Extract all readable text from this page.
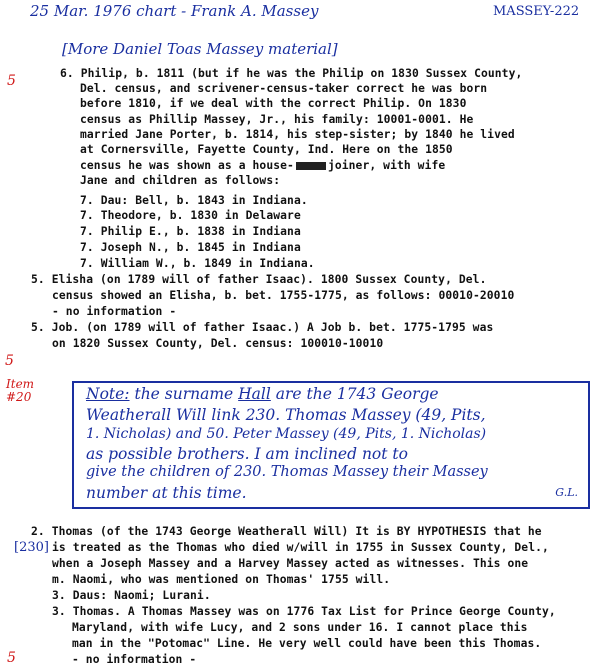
25 Mar. 1976 chart - Frank A. Massey	MASSEY-222
[More Daniel Toas Massey material]
5
5
5
6. Philip, b. 1811 (but if he was the Philip on 1830 Sussex County,
Del. census, and scrivener-census-taker correct he was born
before 1810, if we deal with the correct Philip. On 1830
census as Phillip Massey, Jr., his family: 10001-0001. He
married Jane Porter, b. 1814, his step-sister; by 1840 he lived
at Cornersville, Fayette County, Ind. Here on the 1850
census he was shown as a house-	joiner, with wife
Jane and children as follows:
7. Dau: Bell, b. 1843 in Indiana.
7. Theodore, b. 1830 in Delaware
7. Philip E., b. 1838 in Indiana
7. Joseph N., b. 1845 in Indiana
7. William W., b. 1849 in Indiana.
5. Elisha (on 1789 will of father Isaac). 1800 Sussex County, Del.
census showed an Elisha, b. bet. 1755-1775, as follows: 00010-20010
- no information -
5. Job. (on 1789 will of father Isaac.) A Job b. bet. 1775-1795 was
on 1820 Sussex County, Del. census: 100010-10010
Item #20	Note: the surname Hall are the 1743 George
Weatherall Will link 230. Thomas Massey (49, Pits,
1. Nicholas) and 50. Peter Massey (49, Pits, 1. Nicholas)
as possible brothers. I am inclined not to
give the children of 230. Thomas Massey their Massey
number at this time.	G.L.
[230]
2. Thomas (of the 1743 George Weatherall Will) It is BY HYPOTHESIS that he
is treated as the Thomas who died w/will in 1755 in Sussex County, Del.,
when a Joseph Massey and a Harvey Massey acted as witnesses. This one
m. Naomi, who was mentioned on Thomas' 1755 will.
3. Daus: Naomi; Lurani.
3. Thomas. A Thomas Massey was on 1776 Tax List for Prince George County,
Maryland, with wife Lucy, and 2 sons under 16. I cannot place this
man in the "Potomac" Line. He very well could have been this Thomas.
- no information -
